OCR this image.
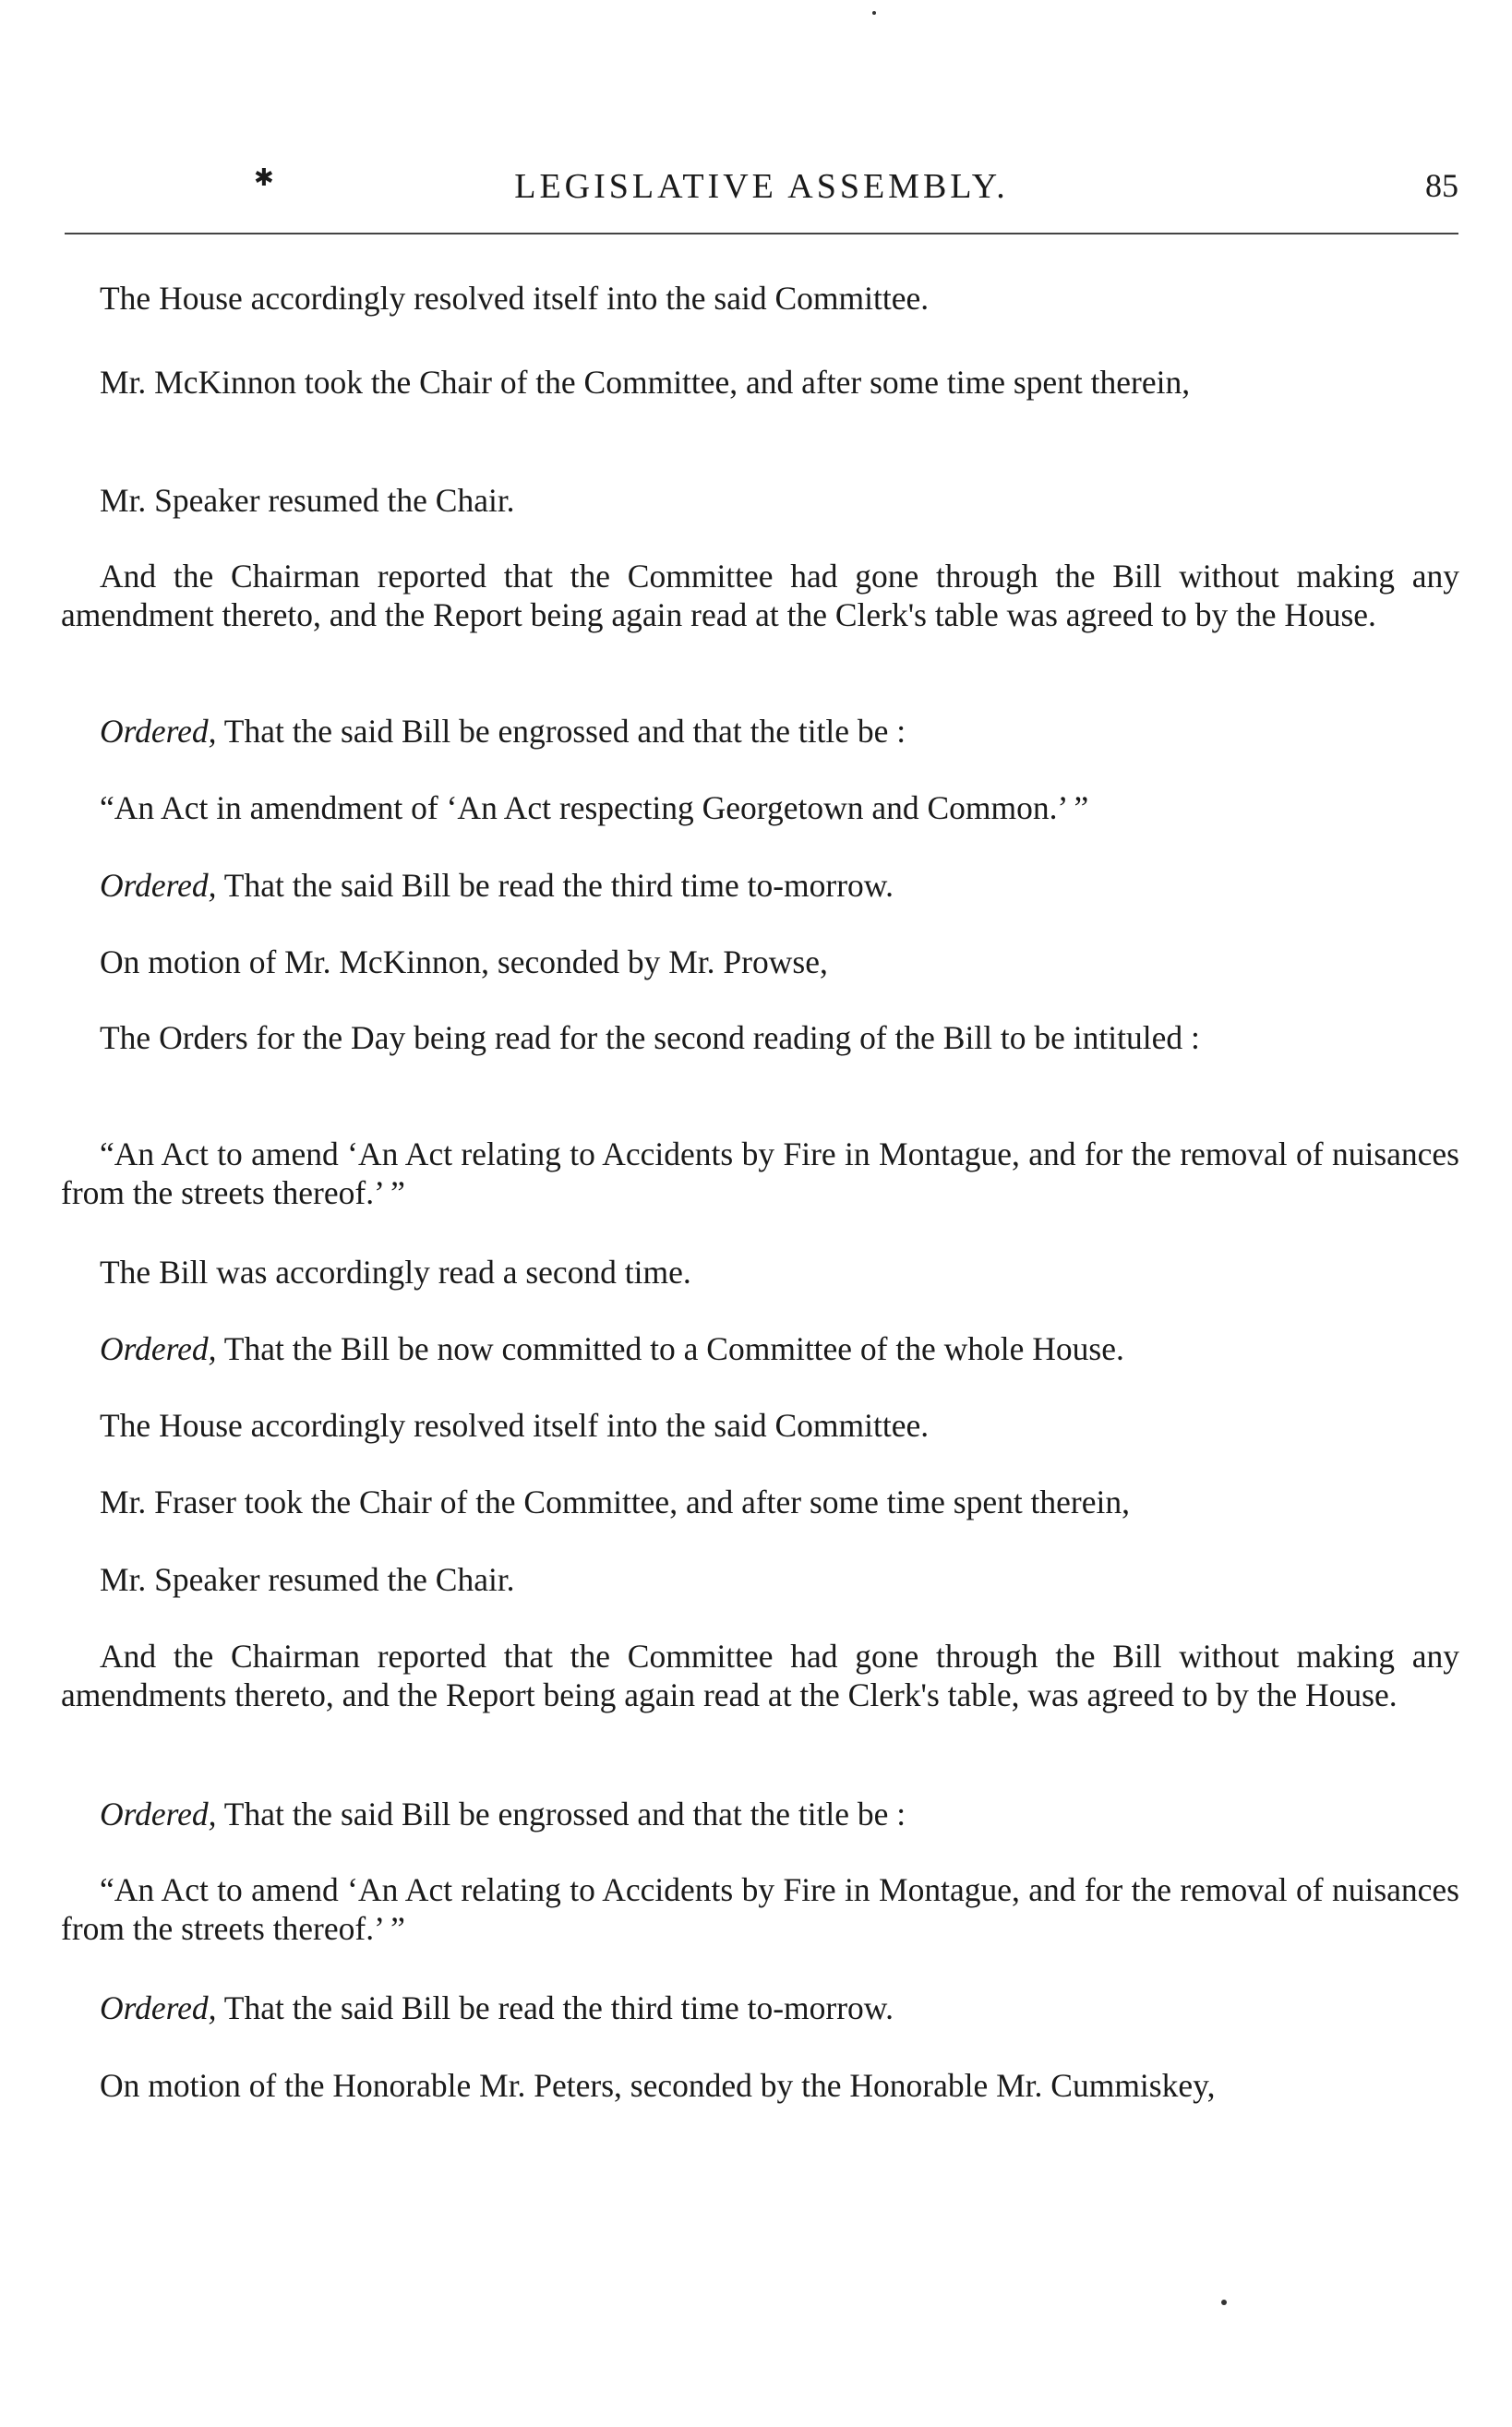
✱	LEGISLATIVE ASSEMBLY.	85
The House accordingly resolved itself into the said Committee.
Mr. McKinnon took the Chair of the Committee, and after some time spent therein,
Mr. Speaker resumed the Chair.
And the Chairman reported that the Committee had gone through the Bill without making any amendment thereto, and the Report being again read at the Clerk's table was agreed to by the House.
Ordered, That the said Bill be engrossed and that the title be :
“An Act in amendment of ‘An Act respecting Georgetown and Common.’ ”
Ordered, That the said Bill be read the third time to-morrow.
On motion of Mr. McKinnon, seconded by Mr. Prowse,
The Orders for the Day being read for the second reading of the Bill to be intituled :
“An Act to amend ‘An Act relating to Accidents by Fire in Montague, and for the removal of nuisances from the streets thereof.’ ”
The Bill was accordingly read a second time.
Ordered, That the Bill be now committed to a Committee of the whole House.
The House accordingly resolved itself into the said Committee.
Mr. Fraser took the Chair of the Committee, and after some time spent therein,
Mr. Speaker resumed the Chair.
And the Chairman reported that the Committee had gone through the Bill without making any amendments thereto, and the Report being again read at the Clerk's table, was agreed to by the House.
Ordered, That the said Bill be engrossed and that the title be :
“An Act to amend ‘An Act relating to Accidents by Fire in Montague, and for the removal of nuisances from the streets thereof.’ ”
Ordered, That the said Bill be read the third time to-morrow.
On motion of the Honorable Mr. Peters, seconded by the Honorable Mr. Cummiskey,
